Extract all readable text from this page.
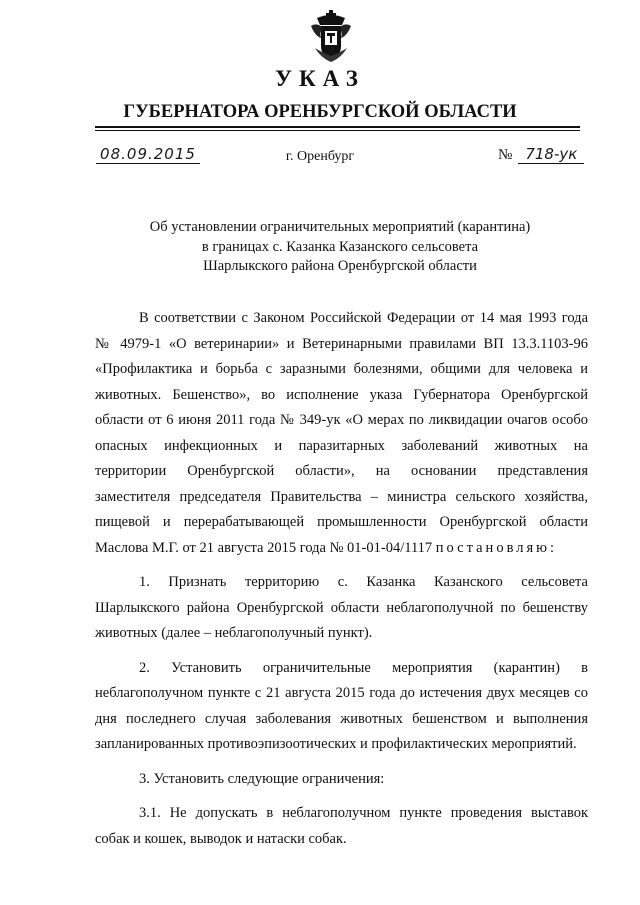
УКАЗ
ГУБЕРНАТОРА ОРЕНБУРГСКОЙ ОБЛАСТИ
08.09.2015	г. Оренбург	№ 718-ук
Об установлении ограничительных мероприятий (карантина)
в границах с. Казанка Казанского сельсовета
Шарлыкского района Оренбургской области
В соответствии с Законом Российской Федерации от 14 мая 1993 года
№ 4979-1 «О ветеринарии» и Ветеринарными правилами ВП 13.3.1103-96
«Профилактика и борьба с заразными болезнями, общими для человека и
животных. Бешенство», во исполнение указа Губернатора Оренбургской
области от 6 июня 2011 года № 349-ук «О мерах по ликвидации очагов особо
опасных инфекционных и паразитарных заболеваний животных на
территории Оренбургской области», на основании представления
заместителя председателя Правительства – министра сельского хозяйства,
пищевой и перерабатывающей промышленности Оренбургской области
Маслова М.Г. от 21 августа 2015 года № 01-01-04/1117 постановляю:
1. Признать территорию с. Казанка Казанского сельсовета
Шарлыкского района Оренбургской области неблагополучной по бешенству
животных (далее – неблагополучный пункт).
2. Установить ограничительные мероприятия (карантин) в
неблагополучном пункте с 21 августа 2015 года до истечения двух месяцев со
дня последнего случая заболевания животных бешенством и выполнения
запланированных противоэпизоотических и профилактических мероприятий.
3. Установить следующие ограничения:
3.1. Не допускать в неблагополучном пункте проведения выставок
собак и кошек, выводок и натаски собак.
